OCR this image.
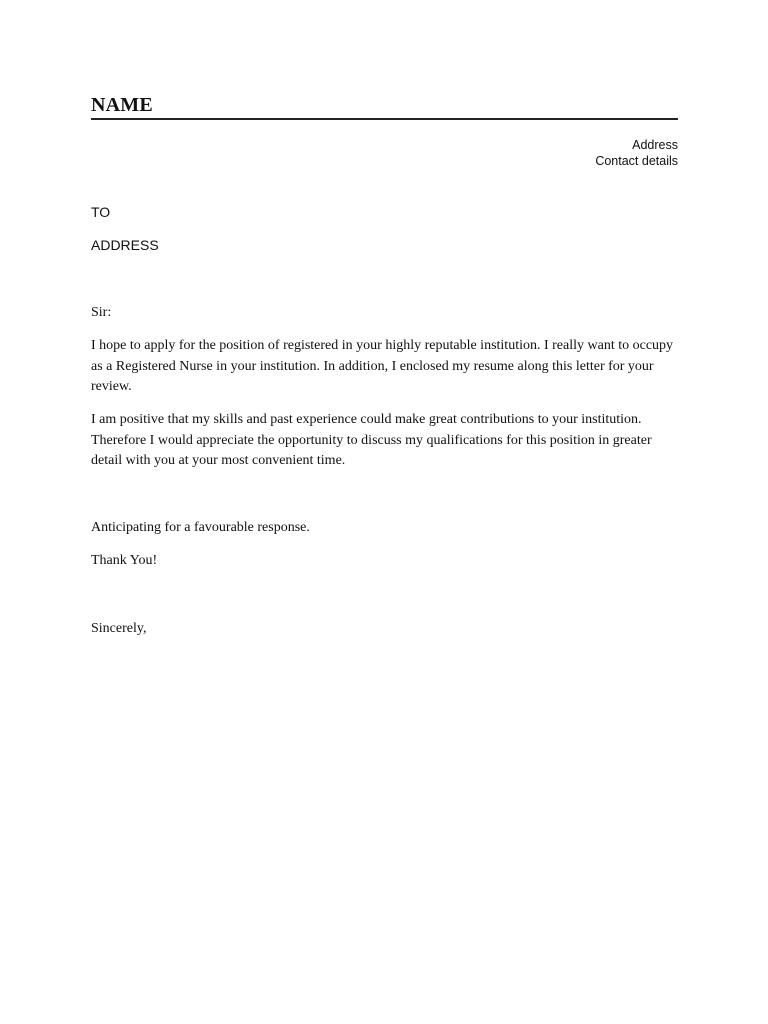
NAME
Address
Contact details

TO

ADDRESS

Sir:

I hope to apply for the position of registered in your highly reputable institution. I really want to occupy as a Registered Nurse in your institution. In addition, I enclosed my resume along this letter for your review.

I am positive that my skills and past experience could make great contributions to your institution. Therefore I would appreciate the opportunity to discuss my qualifications for this position in greater detail with you at your most convenient time.

Anticipating for a favourable response.

Thank You!

Sincerely,
